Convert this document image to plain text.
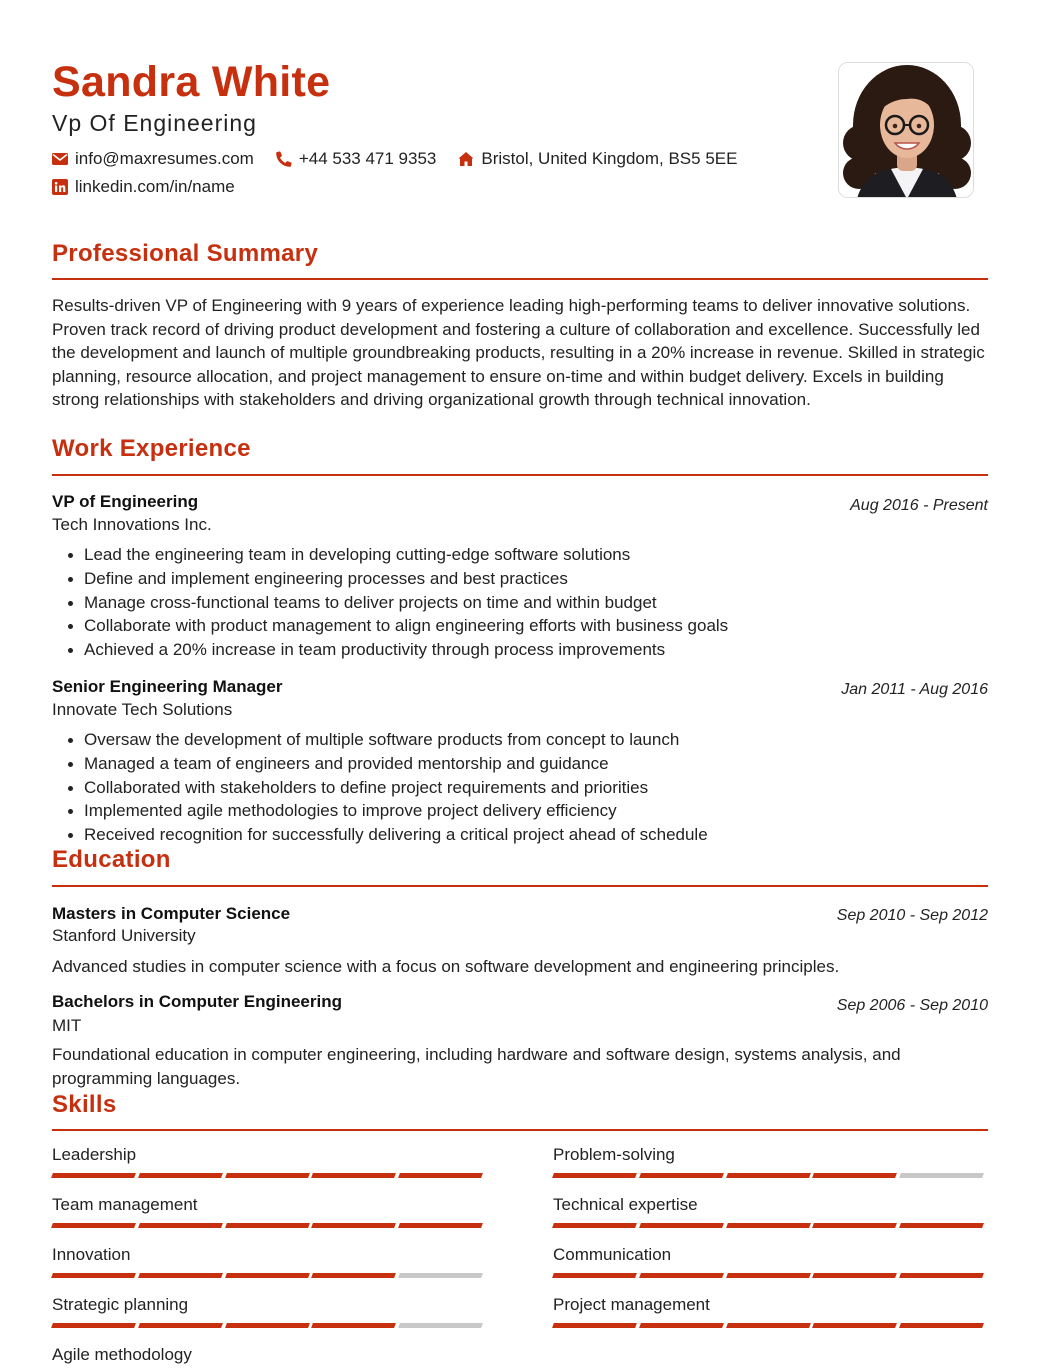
Sandra White
Vp Of Engineering
info@maxresumes.com	+44 533 471 9353	Bristol, United Kingdom, BS5 5EE
linkedin.com/in/name
Professional Summary
Results-driven VP of Engineering with 9 years of experience leading high-performing teams to deliver innovative solutions. Proven track record of driving product development and fostering a culture of collaboration and excellence. Successfully led the development and launch of multiple groundbreaking products, resulting in a 20% increase in revenue. Skilled in strategic planning, resource allocation, and project management to ensure on-time and within budget delivery. Excels in building strong relationships with stakeholders and driving organizational growth through technical innovation.
Work Experience
VP of Engineering	Aug 2016 - Present
Tech Innovations Inc.
Lead the engineering team in developing cutting-edge software solutions
Define and implement engineering processes and best practices
Manage cross-functional teams to deliver projects on time and within budget
Collaborate with product management to align engineering efforts with business goals
Achieved a 20% increase in team productivity through process improvements
Senior Engineering Manager	Jan 2011 - Aug 2016
Innovate Tech Solutions
Oversaw the development of multiple software products from concept to launch
Managed a team of engineers and provided mentorship and guidance
Collaborated with stakeholders to define project requirements and priorities
Implemented agile methodologies to improve project delivery efficiency
Received recognition for successfully delivering a critical project ahead of schedule
Education
Masters in Computer Science	Sep 2010 - Sep 2012
Stanford University
Advanced studies in computer science with a focus on software development and engineering principles.
Bachelors in Computer Engineering	Sep 2006 - Sep 2010
MIT
Foundational education in computer engineering, including hardware and software design, systems analysis, and programming languages.
Skills
Leadership	Problem-solving
Team management	Technical expertise
Innovation	Communication
Strategic planning	Project management
Agile methodology
